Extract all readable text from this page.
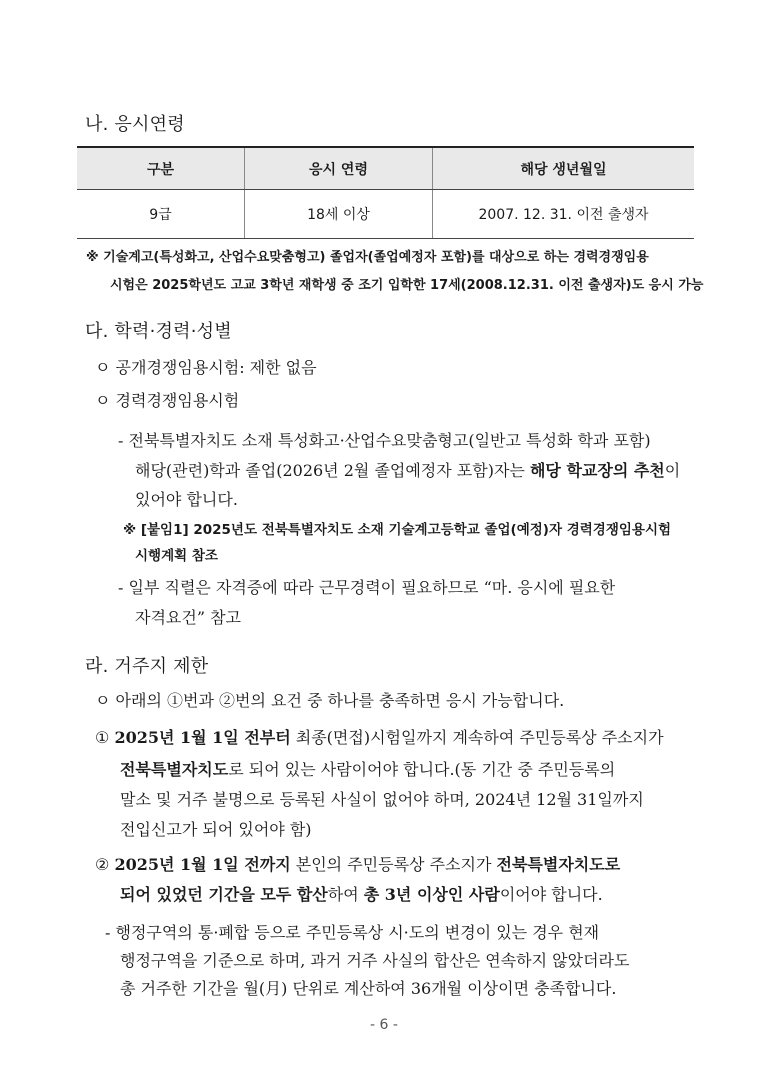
나. 응시연령
구분	응시 연령	해당 생년월일
9급	18세 이상	2007. 12. 31. 이전 출생자
※ 기술계고(특성화고, 산업수요맞춤형고) 졸업자(졸업예정자 포함)를 대상으로 하는 경력경쟁임용
시험은 2025학년도 고교 3학년 재학생 중 조기 입학한 17세(2008.12.31. 이전 출생자)도 응시 가능
다. 학력·경력·성별
ㅇ 공개경쟁임용시험: 제한 없음
ㅇ 경력경쟁임용시험
- 전북특별자치도 소재 특성화고·산업수요맞춤형고(일반고 특성화 학과 포함)
해당(관련)학과 졸업(2026년 2월 졸업예정자 포함)자는 해당 학교장의 추천이
있어야 합니다.
※ [붙임1] 2025년도 전북특별자치도 소재 기술계고등학교 졸업(예정)자 경력경쟁임용시험
시행계획 참조
- 일부 직렬은 자격증에 따라 근무경력이 필요하므로 “마. 응시에 필요한
자격요건” 참고
라. 거주지 제한
ㅇ 아래의 ①번과 ②번의 요건 중 하나를 충족하면 응시 가능합니다.
① 2025년 1월 1일 전부터 최종(면접)시험일까지 계속하여 주민등록상 주소지가
전북특별자치도로 되어 있는 사람이어야 합니다.(동 기간 중 주민등록의
말소 및 거주 불명으로 등록된 사실이 없어야 하며, 2024년 12월 31일까지
전입신고가 되어 있어야 함)
② 2025년 1월 1일 전까지 본인의 주민등록상 주소지가 전북특별자치도로
되어 있었던 기간을 모두 합산하여 총 3년 이상인 사람이어야 합니다.
- 행정구역의 통·폐합 등으로 주민등록상 시·도의 변경이 있는 경우 현재
행정구역을 기준으로 하며, 과거 거주 사실의 합산은 연속하지 않았더라도
총 거주한 기간을 월(月) 단위로 계산하여 36개월 이상이면 충족합니다.
- 6 -
